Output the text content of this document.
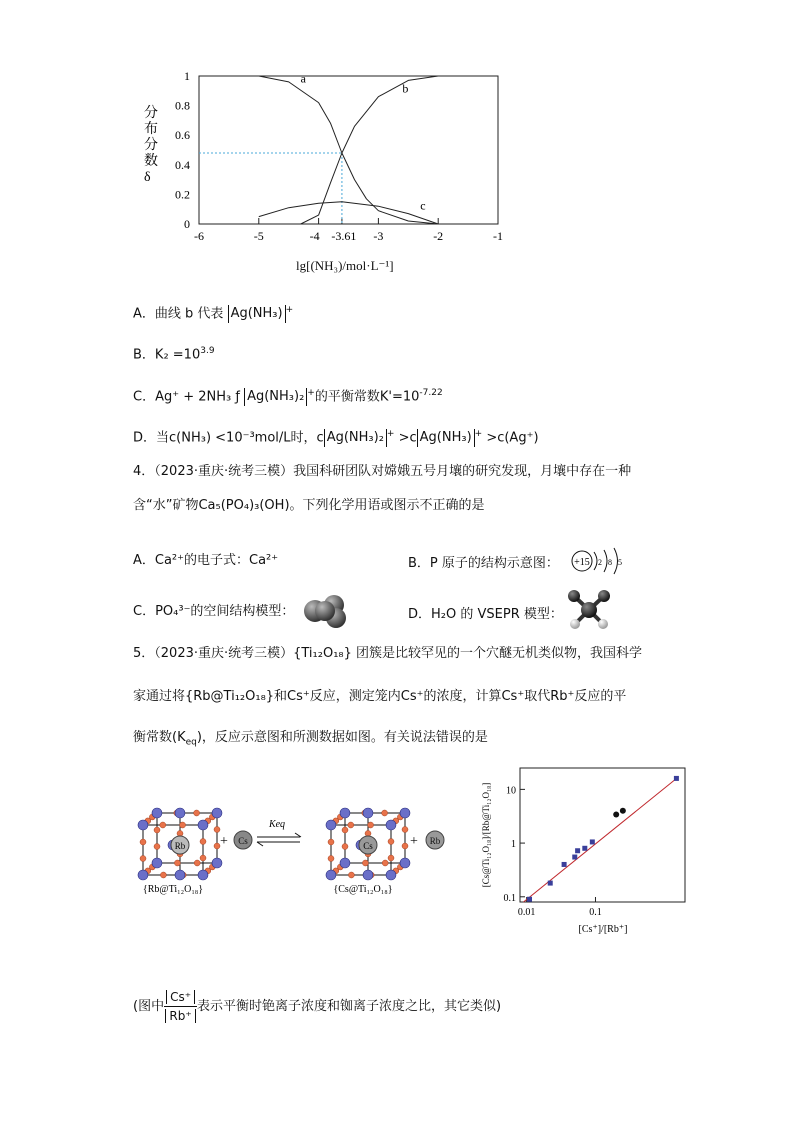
分
布
分
数
δ
1
0.8
0.6
0.4
0.2
0
-6	-5	-4 -3.61 -3	-2	-1
a
b
c
lg[(NH₃)/mol·L⁻¹]
A．曲线 b 代表 Ag(NH₃) +
B．$K_2 =10^{3.9}$
C．Ag⁺ + 2NH₃ ƒ Ag(NH₃)₂ +的平衡常数$K'=10^{-7.22}$
D．当c(NH₃) <10⁻³mol/L时，c Ag(NH₃)₂ + >c Ag(NH₃) + >c(Ag⁺)
4．（2023·重庆·统考三模）我国科研团队对嫦娥五号月壤的研究发现，月壤中存在一种
含“水”矿物Ca₅(PO₄)₃(OH)。下列化学用语或图示不正确的是
A．Ca²⁺的电子式：Ca²⁺	B．P 原子的结构示意图： +15 2 8 5
C．PO₄³⁻的空间结构模型：	D．H₂O 的 VSEPR 模型：
5．（2023·重庆·统考三模）{Ti₁₂O₁₈} 团簇是比较罕见的一个穴醚无机类似物，我国科学
家通过将{Rb@Ti₁₂O₁₈}和Cs⁺反应，测定笼内Cs⁺的浓度，计算Cs⁺取代Rb⁺反应的平
衡常数$(K_{eq})$，反应示意图和所测数据如图。有关说法错误的是
Rb	Cs
+ Cs
Keq
+ Rb
{Rb@Ti₁₂O₁₈}	{Cs@Ti₁₂O₁₈}
0.01	0.1
0.1
1
10
[Cs@Ti₁₂O₁₈]/[Rb@Ti₁₂O₁₈]
[Cs⁺]/[Rb⁺]
(图中 $\frac{Cs^+}{Rb^+}$ 表示平衡时铯离子浓度和铷离子浓度之比，其它类似)
